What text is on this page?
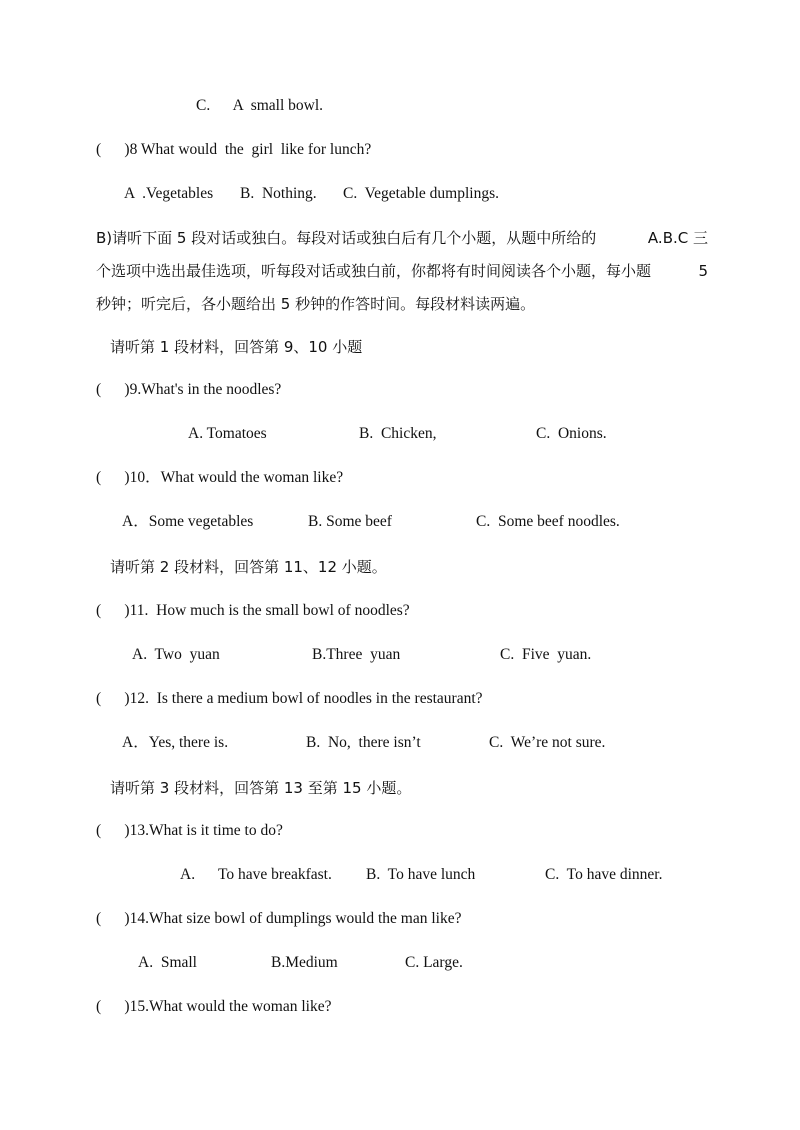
C.      A  small bowl.
(      )8 What would  the  girl  like for lunch?
A  .Vegetables B.  Nothing. C.  Vegetable dumplings.
B)请听下面 5 段对话或独白。每段对话或独白后有几个小题，从题中所给的	A.B.C 三
个选项中选出最佳选项，听每段对话或独白前，你都将有时间阅读各个小题，每小题	5
秒钟；听完后，各小题给出 5 秒钟的作答时间。每段材料读两遍。
请听第 1 段材料，回答第 9、10 小题
(      )9.What's in the noodles?
A. Tomatoes	B.  Chicken,	C.  Onions.
(      )10．What would the woman like?
A．Some vegetables	B. Some beef	C.  Some beef noodles.
请听第 2 段材料，回答第 11、12 小题。
(      )11.  How much is the small bowl of noodles?
A.  Two  yuan	B.Three  yuan	C.  Five  yuan.
(      )12.  Is there a medium bowl of noodles in the restaurant?
A．Yes, there is.	B.  No,  there isn’t	C.  We’re not sure.
请听第 3 段材料，回答第 13 至第 15 小题。
(      )13.What is it time to do?
A.      To have breakfast. B.  To have lunch	C.  To have dinner.
(      )14.What size bowl of dumplings would the man like?
A.  Small	B.Medium	C. Large.
(      )15.What would the woman like?
